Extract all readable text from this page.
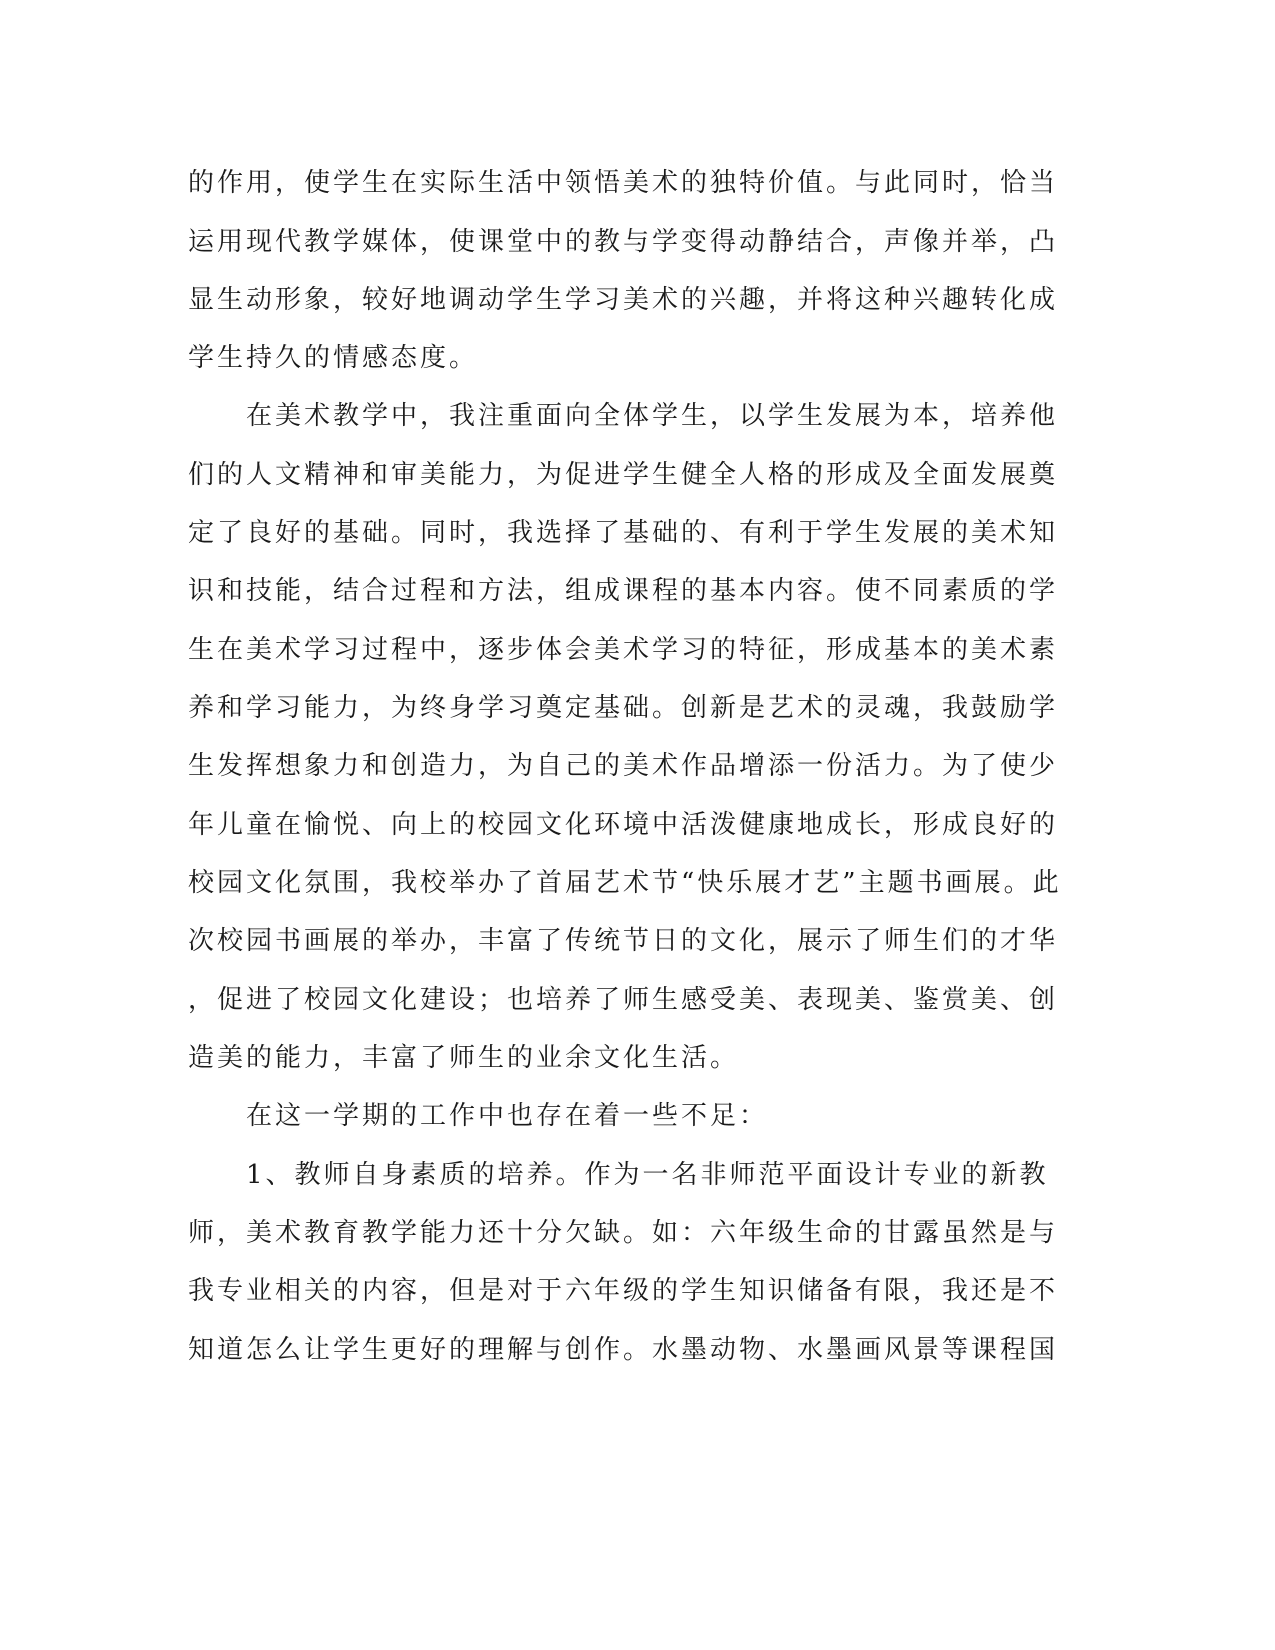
的作用，使学生在实际生活中领悟美术的独特价值。与此同时，恰当
运用现代教学媒体，使课堂中的教与学变得动静结合，声像并举，凸
显生动形象，较好地调动学生学习美术的兴趣，并将这种兴趣转化成
学生持久的情感态度。
　　在美术教学中，我注重面向全体学生，以学生发展为本，培养他
们的人文精神和审美能力，为促进学生健全人格的形成及全面发展奠
定了良好的基础。同时，我选择了基础的、有利于学生发展的美术知
识和技能，结合过程和方法，组成课程的基本内容。使不同素质的学
生在美术学习过程中，逐步体会美术学习的特征，形成基本的美术素
养和学习能力，为终身学习奠定基础。创新是艺术的灵魂，我鼓励学
生发挥想象力和创造力，为自己的美术作品增添一份活力。为了使少
年儿童在愉悦、向上的校园文化环境中活泼健康地成长，形成良好的
校园文化氛围，我校举办了首届艺术节“快乐展才艺”主题书画展。此
次校园书画展的举办，丰富了传统节日的文化，展示了师生们的才华
，促进了校园文化建设；也培养了师生感受美、表现美、鉴赏美、创
造美的能力，丰富了师生的业余文化生活。
　　在这一学期的工作中也存在着一些不足：
　　1、教师自身素质的培养。作为一名非师范平面设计专业的新教
师，美术教育教学能力还十分欠缺。如：六年级生命的甘露虽然是与
我专业相关的内容，但是对于六年级的学生知识储备有限，我还是不
知道怎么让学生更好的理解与创作。水墨动物、水墨画风景等课程国
